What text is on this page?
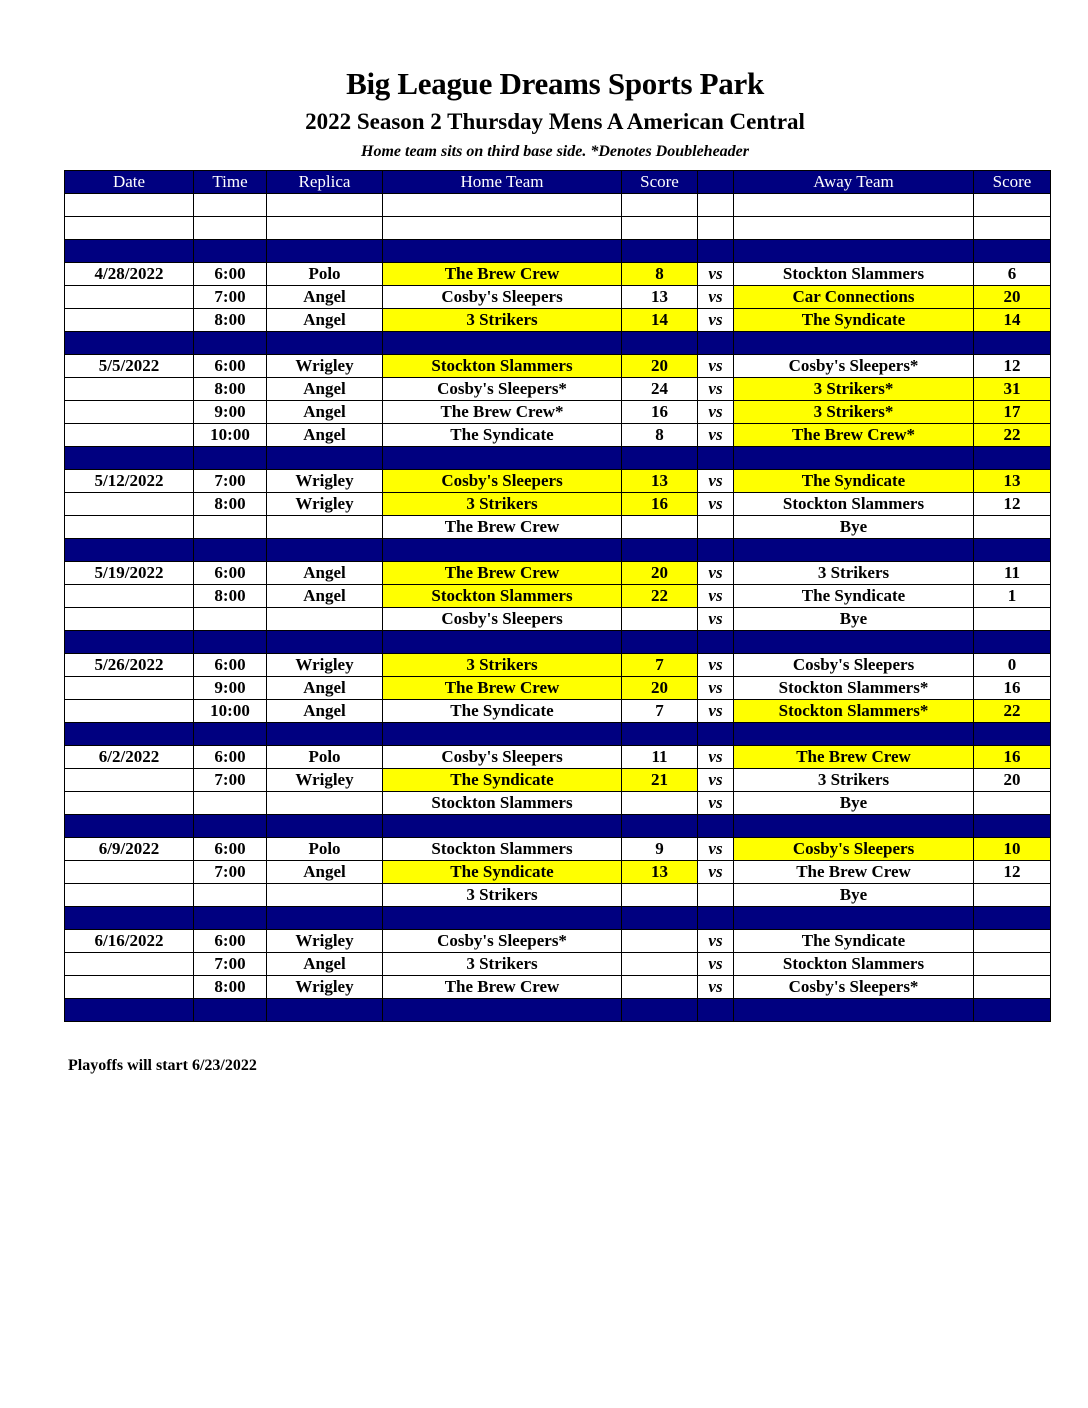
Big League Dreams Sports Park
2022 Season 2 Thursday Mens A American Central
Home team sits on third base side. *Denotes Doubleheader
Date	Time	Replica	Home Team	Score		Away Team	Score

4/28/2022	6:00	Polo	The Brew Crew	8	vs	Stockton Slammers	6
	7:00	Angel	Cosby's Sleepers	13	vs	Car Connections	20
	8:00	Angel	3 Strikers	14	vs	The Syndicate	14

5/5/2022	6:00	Wrigley	Stockton Slammers	20	vs	Cosby's Sleepers*	12
	8:00	Angel	Cosby's Sleepers*	24	vs	3 Strikers*	31
	9:00	Angel	The Brew Crew*	16	vs	3 Strikers*	17
	10:00	Angel	The Syndicate	8	vs	The Brew Crew*	22

5/12/2022	7:00	Wrigley	Cosby's Sleepers	13	vs	The Syndicate	13
	8:00	Wrigley	3 Strikers	16	vs	Stockton Slammers	12
			The Brew Crew			Bye	

5/19/2022	6:00	Angel	The Brew Crew	20	vs	3 Strikers	11
	8:00	Angel	Stockton Slammers	22	vs	The Syndicate	1
			Cosby's Sleepers		vs	Bye	

5/26/2022	6:00	Wrigley	3 Strikers	7	vs	Cosby's Sleepers	0
	9:00	Angel	The Brew Crew	20	vs	Stockton Slammers*	16
	10:00	Angel	The Syndicate	7	vs	Stockton Slammers*	22

6/2/2022	6:00	Polo	Cosby's Sleepers	11	vs	The Brew Crew	16
	7:00	Wrigley	The Syndicate	21	vs	3 Strikers	20
			Stockton Slammers		vs	Bye	

6/9/2022	6:00	Polo	Stockton Slammers	9	vs	Cosby's Sleepers	10
	7:00	Angel	The Syndicate	13	vs	The Brew Crew	12
			3 Strikers			Bye	

6/16/2022	6:00	Wrigley	Cosby's Sleepers*		vs	The Syndicate	
	7:00	Angel	3 Strikers		vs	Stockton Slammers	
	8:00	Wrigley	The Brew Crew		vs	Cosby's Sleepers*	

Playoffs will start 6/23/2022
